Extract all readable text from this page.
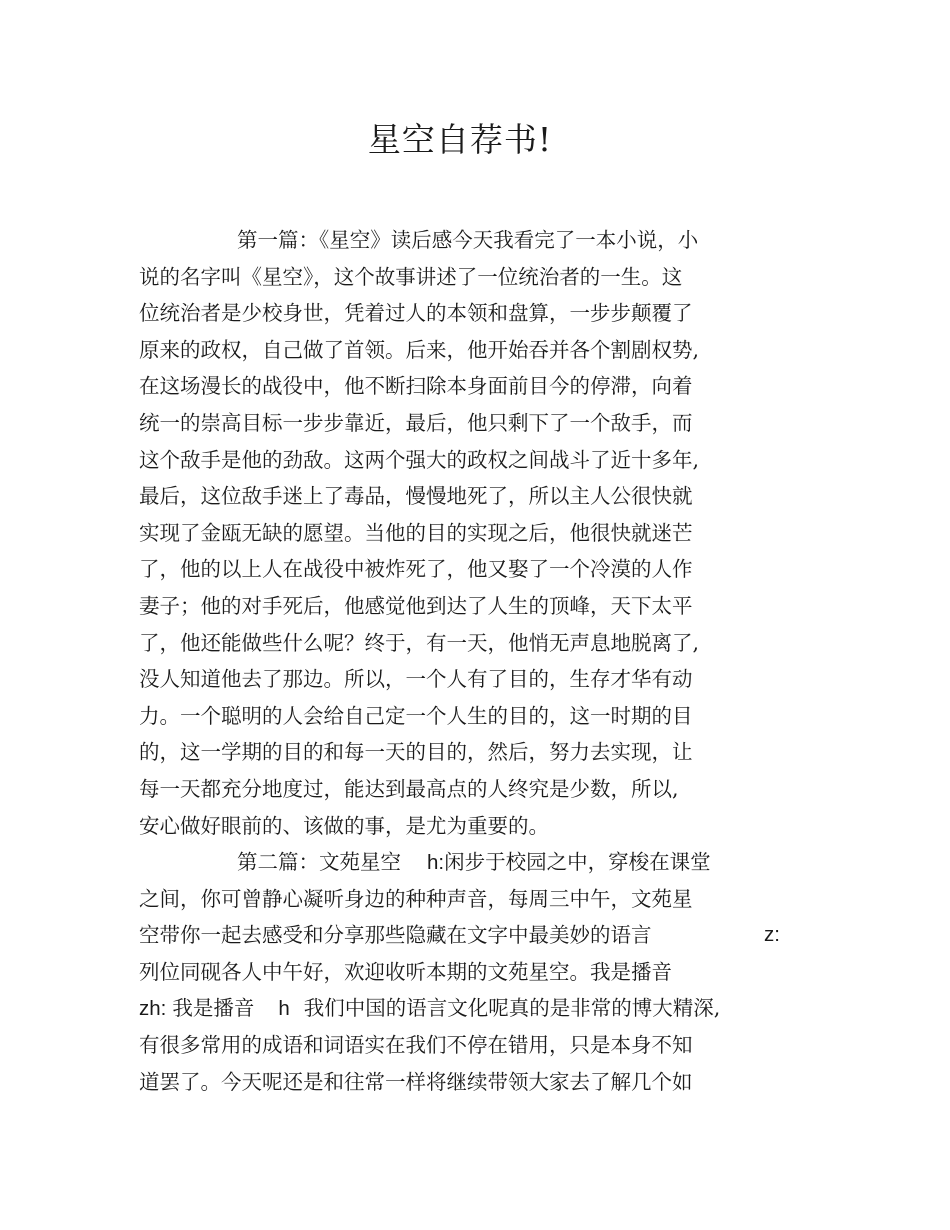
星空自荐书!
第一篇：《星空》读后感今天我看完了一本小说，小
说的名字叫《星空》，这个故事讲述了一位统治者的一生。这
位统治者是少校身世，凭着过人的本领和盘算，一步步颠覆了
原来的政权，自己做了首领。后来，他开始吞并各个割剧权势,
在这场漫长的战役中，他不断扫除本身面前目今的停滞，向着
统一的崇高目标一步步靠近，最后，他只剩下了一个敌手，而
这个敌手是他的劲敌。这两个强大的政权之间战斗了近十多年,
最后，这位敌手迷上了毒品，慢慢地死了，所以主人公很快就
实现了金瓯无缺的愿望。当他的目的实现之后，他很快就迷芒
了，他的以上人在战役中被炸死了，他又娶了一个冷漠的人作
妻子；他的对手死后，他感觉他到达了人生的顶峰，天下太平
了，他还能做些什么呢？终于，有一天，他悄无声息地脱离了,
没人知道他去了那边。所以，一个人有了目的，生存才华有动
力。一个聪明的人会给自己定一个人生的目的，这一时期的目
的，这一学期的目的和每一天的目的，然后，努力去实现，让
每一天都充分地度过，能达到最高点的人终究是少数，所以,
安心做好眼前的、该做的事，是尤为重要的。
第二篇：文苑星空 h:闲步于校园之中，穿梭在课堂
之间，你可曾静心凝听身边的种种声音，每周三中午，文苑星
空带你一起去感受和分享那些隐藏在文字中最美妙的语言	z:
列位同砚各人中午好，欢迎收听本期的文苑星空。我是播音
zh: 我是播音 h 我们中国的语言文化呢真的是非常的博大精深,
有很多常用的成语和词语实在我们不停在错用，只是本身不知
道罢了。今天呢还是和往常一样将继续带领大家去了解几个如
